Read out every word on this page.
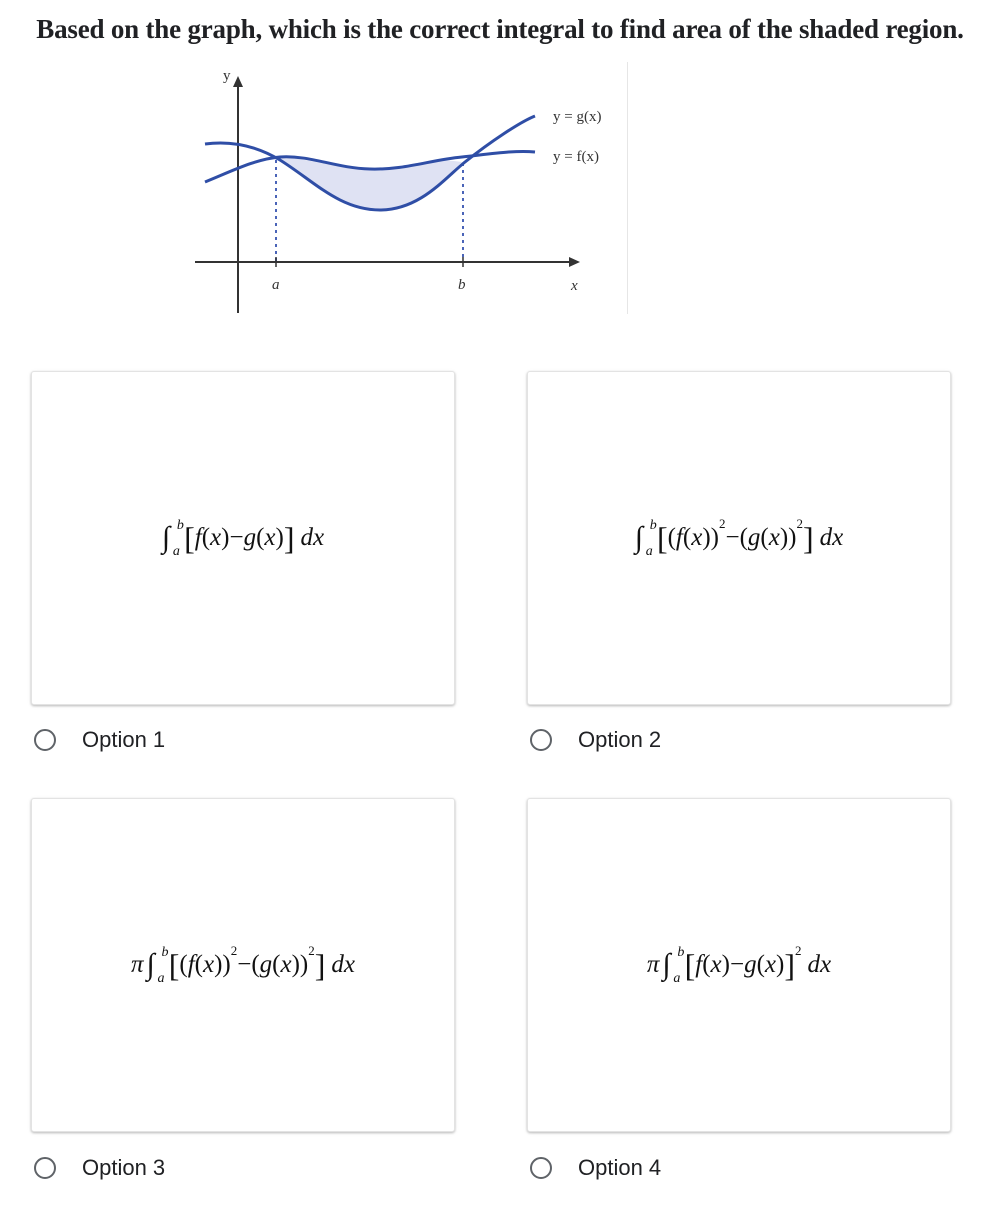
Based on the graph, which is the correct integral to find area of the shaded region.
y
x
a	b
y = g(x)
y = f(x)
∫ b
a [ f ( x ) − g ( x ) ] dx
Option 1
∫ b
a [ ( f ( x ))
2
−( g ( x ))
2 ] dx
Option 2
π ∫ b
a [ ( f ( x ))
2
−( g ( x ))
2 ] dx
Option 3
π ∫ b
a [ f ( x ) − g ( x ) ] 2
dx
Option 4
